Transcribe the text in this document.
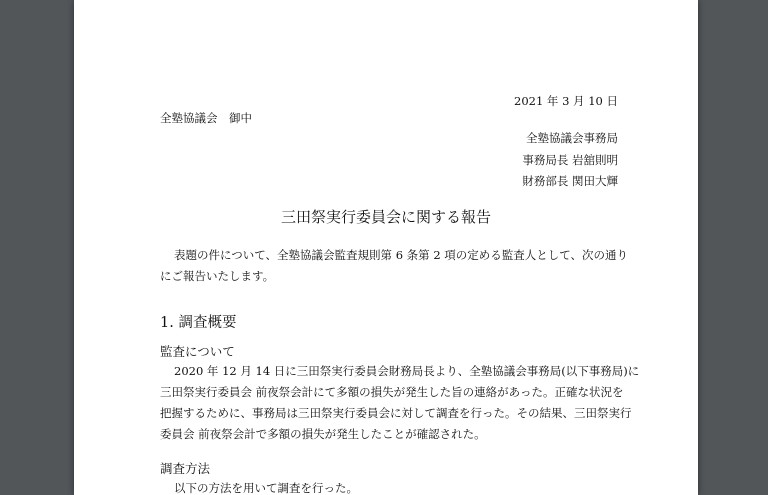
2021 年 3 月 10 日
全塾協議会　御中
全塾協議会事務局
事務局長 岩舘則明
財務部長 関田大輝
三田祭実行委員会に関する報告
表題の件について、全塾協議会監査規則第 6 条第 2 項の定める監査人として、次の通り
にご報告いたします。
1. 調査概要
監査について
2020 年 12 月 14 日に三田祭実行委員会財務局長より、全塾協議会事務局(以下事務局)に
三田祭実行委員会 前夜祭会計にて多額の損失が発生した旨の連絡があった。正確な状況を
把握するために、事務局は三田祭実行委員会に対して調査を行った。その結果、三田祭実行
委員会 前夜祭会計で多額の損失が発生したことが確認された。
調査方法
以下の方法を用いて調査を行った。
